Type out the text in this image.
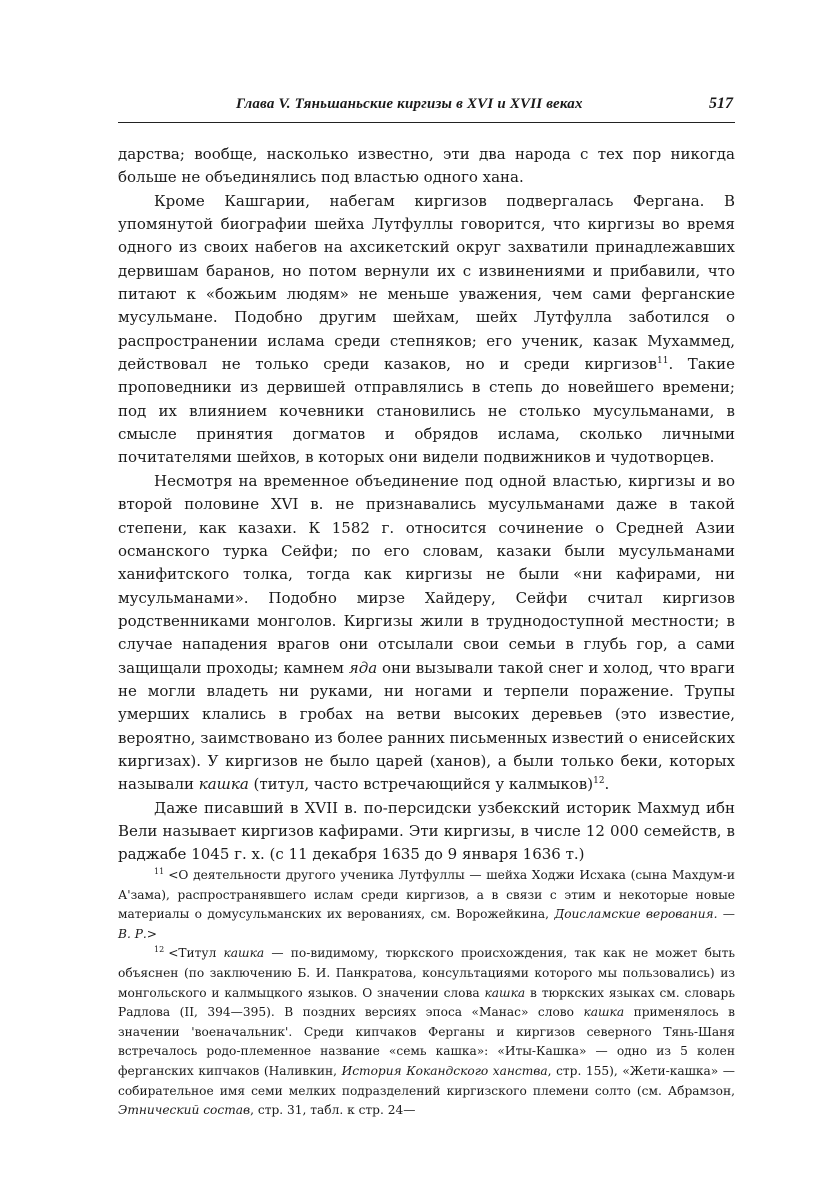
Глава V. Тяньшаньские киргизы в XVI и XVII веках	517

дарства; вообще, насколько известно, эти два народа с тех пор никогда больше не объединялись под властью одного хана.

Кроме Кашгарии, набегам киргизов подвергалась Фергана. В упомянутой биографии шейха Лутфуллы говорится, что киргизы во время одного из своих набегов на ахсикетский округ захватили принадлежавших дервишам баранов, но потом вернули их с извинениями и прибавили, что питают к «божьим людям» не меньше уважения, чем сами ферганские мусульмане. Подобно другим шейхам, шейх Лутфулла заботился о распространении ислама среди степняков; его ученик, казак Мухаммед, действовал не только среди казаков, но и среди киргизов$^{11}$. Такие проповедники из дервишей отправлялись в степь до новейшего времени; под их влиянием кочевники становились не столько мусульманами, в смысле принятия догматов и обрядов ислама, сколько личными почитателями шейхов, в которых они видели подвижников и чудотворцев.

Несмотря на временное объединение под одной властью, киргизы и во второй половине XVI в. не признавались мусульманами даже в такой степени, как казахи. К 1582 г. относится сочинение о Средней Азии османского турка Сейфи; по его словам, казаки были мусульманами ханифитского толка, тогда как киргизы не были «ни кафирами, ни мусульманами». Подобно мирзе Хайдеру, Сейфи считал киргизов родственниками монголов. Киргизы жили в труднодоступной местности; в случае нападения врагов они отсылали свои семьи в глубь гор, а сами защищали проходы; камнем яда они вызывали такой снег и холод, что враги не могли владеть ни руками, ни ногами и терпели поражение. Трупы умерших клались в гробах на ветви высоких деревьев (это известие, вероятно, заимствовано из более ранних письменных известий о енисейских киргизах). У киргизов не было царей (ханов), а были только беки, которых называли кашка (титул, часто встречающийся у калмыков)$^{12}$.

Даже писавший в XVII в. по-персидски узбекский историк Махмуд ибн Вели называет киргизов кафирами. Эти киргизы, в числе 12 000 семейств, в раджабе 1045 г. х. (с 11 декабря 1635 до 9 января 1636 т.)

$^{11}$ <О деятельности другого ученика Лутфуллы — шейха Ходжи Исхака (сына Махдум-и А'зама), распространявшего ислам среди киргизов, а в связи с этим и некоторые новые материалы о домусульманских их верованиях, см. Ворожейкина, Доисламские верования. — В. Р.>

$^{12}$ <Титул кашка — по-видимому, тюркского происхождения, так как не может быть объяснен (по заключению Б. И. Панкратова, консультациями которого мы пользовались) из монгольского и калмыцкого языков. О значении слова кашка в тюркских языках см. словарь Радлова (II, 394—395). В поздних версиях эпоса «Манас» слово кашка применялось в значении 'военачальник'. Среди кипчаков Ферганы и киргизов северного Тянь-Шаня встречалось родо-племенное название «семь кашка»: «Иты-Кашка» — одно из 5 колен ферганских кипчаков (Наливкин, История Кокандского ханства, стр. 155), «Жети-кашка» — собирательное имя семи мелких подразделений киргизского племени солто (см. Абрамзон, Этнический состав, стр. 31, табл. к стр. 24—
